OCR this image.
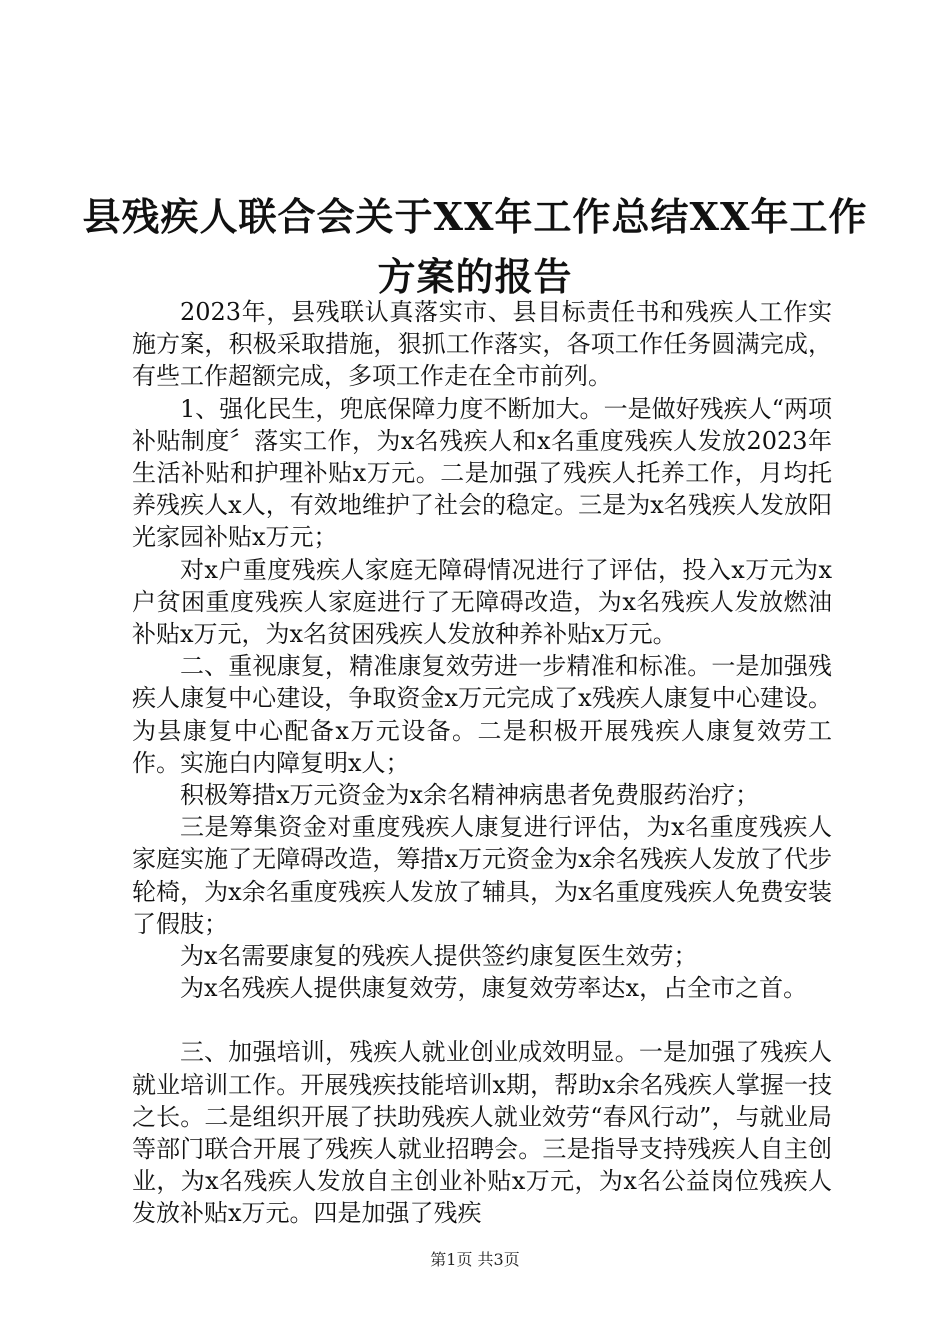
县残疾人联合会关于XX年工作总结XX年工作
方案的报告

2023年，县残联认真落实市、县目标责任书和残疾人工作实施方案，积极采取措施，狠抓工作落实，各项工作任务圆满完成，有些工作超额完成，多项工作走在全市前列。

1、强化民生，兜底保障力度不断加大。一是做好残疾人“两项补贴制度〞落实工作，为x名残疾人和x名重度残疾人发放2023年生活补贴和护理补贴x万元。二是加强了残疾人托养工作，月均托养残疾人x人，有效地维护了社会的稳定。三是为x名残疾人发放阳光家园补贴x万元；

对x户重度残疾人家庭无障碍情况进行了评估，投入x万元为x户贫困重度残疾人家庭进行了无障碍改造，为x名残疾人发放燃油补贴x万元，为x名贫困残疾人发放种养补贴x万元。

二、重视康复，精准康复效劳进一步精准和标准。一是加强残疾人康复中心建设，争取资金x万元完成了x残疾人康复中心建设。为县康复中心配备x万元设备。二是积极开展残疾人康复效劳工作。实施白内障复明x人；

积极筹措x万元资金为x余名精神病患者免费服药治疗；

三是筹集资金对重度残疾人康复进行评估，为x名重度残疾人家庭实施了无障碍改造，筹措x万元资金为x余名残疾人发放了代步轮椅，为x余名重度残疾人发放了辅具，为x名重度残疾人免费安装了假肢；

为x名需要康复的残疾人提供签约康复医生效劳；

为x名残疾人提供康复效劳，康复效劳率达x，占全市之首。

三、加强培训，残疾人就业创业成效明显。一是加强了残疾人就业培训工作。开展残疾技能培训x期，帮助x余名残疾人掌握一技之长。二是组织开展了扶助残疾人就业效劳“春风行动”，与就业局等部门联合开展了残疾人就业招聘会。三是指导支持残疾人自主创业，为x名残疾人发放自主创业补贴x万元，为x名公益岗位残疾人发放补贴x万元。四是加强了残疾

第1页 共3页
